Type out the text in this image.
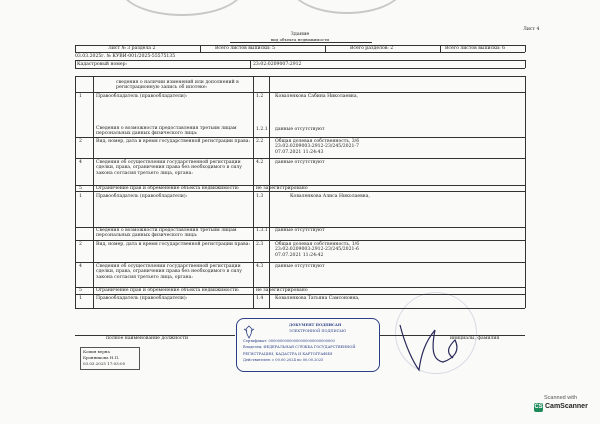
Лист 4
Здание
вид объекта недвижимости
Лист № 3 раздела 2	Всего листов выписки: 5	Всего разделов: 2	Всего листов выписки: 6
03.03.2025г. № КУВИ-001/2025-55575135
Кадастровый номер:	23:02:0209007:2912
сведения о наличии изменений или дополнений в регистрационную запись об ипотеке:
1	Правообладатель (правообладатели):	1.2	Коваленкова Сабина Николаевна,
Сведения о возможности предоставления третьим лицам персональных данных физического лица:
1.2.1 данные отсутствуют
2	Вид, номер, дата и время государственной регистрации права: 2.2	Общая долевая собственность, 3/6 23:02:0209003:2912-23/245/2021-7 07.07.2021 11:24:43
4	Сведения об осуществлении государственной регистрации сделки, права, ограничения права без необходимого в силу закона согласия третьего лица, органа:
4.2	данные отсутствуют
5	Ограничение прав и обременение объекта недвижимости:	не зарегистрировано
1	Правообладатель (правообладатели):	1.3	Коваленкова Алиса Николаевна,
Сведения о возможности предоставления третьим лицам персональных данных физического лица:
1.3.1 данные отсутствуют
2	Вид, номер, дата и время государственной регистрации права: 2.3	Общая долевая собственность, 1/6 23:02:0209003:2912-23/245/2021-6 07.07.2021 11:24:42
4	Сведения об осуществлении государственной регистрации сделки, права, ограничения права без необходимого в силу закона согласия третьего лица, органа:
4.3	данные отсутствуют
5	Ограничение прав и обременение объекта недвижимости:	не зарегистрировано
1	Правообладатель (правообладатели):	1.4	Коваленкова Татьяна Самсоновна,
полное наименование должности	инициалы, фамилия
ДОКУМЕНТ ПОДПИСАН
ЭЛЕКТРОННОЙ ПОДПИСЬЮ
Сертификат: 00000000000000000000000000000
Владелец: ФЕДЕРАЛЬНАЯ СЛУЖБА ГОСУДАРСТВЕННОЙ
РЕГИСТРАЦИИ, КАДАСТРА И КАРТОГРАФИИ
Действителен: с 00.00.2024 по 00.00.2025
Копия верна
Бронникова Н.П.
03.03.2025 17:03:05
Scanned with
CS CamScanner
